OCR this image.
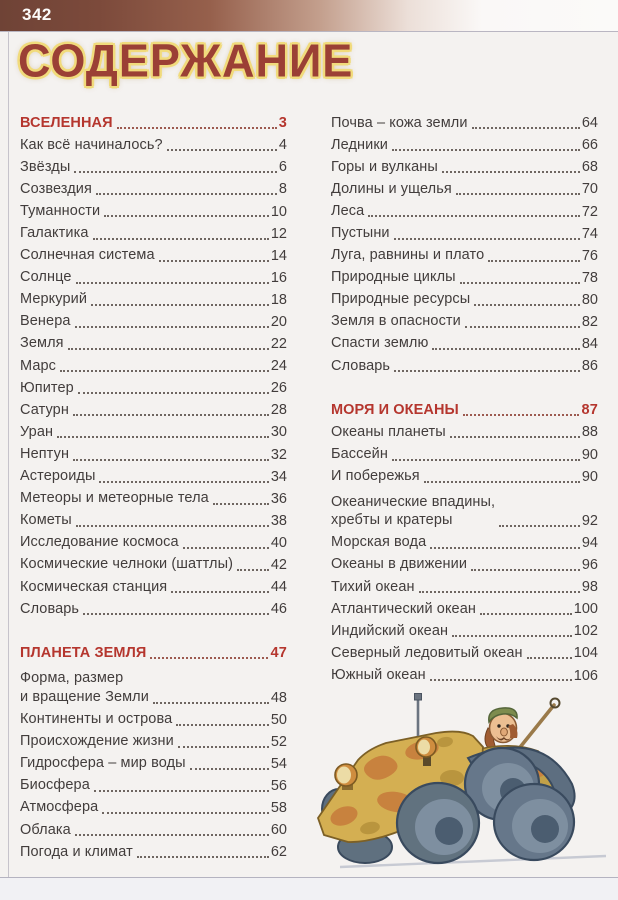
342
СОДЕРЖАНИЕ
ВСЕЛЕННАЯ	3
Как всё начиналось?	4
Звёзды	6
Созвездия	8
Туманности	10
Галактика	12
Солнечная система	14
Солнце	16
Меркурий	18
Венера	20
Земля	22
Марс	24
Юпитер	26
Сатурн	28
Уран	30
Нептун	32
Астероиды	34
Метеоры и метеорные тела	36
Кометы	38
Исследование космоса	40
Космические челноки (шаттлы)	42
Космическая станция	44
Словарь	46
ПЛАНЕТА ЗЕМЛЯ	47
Форма, размер
и вращение Земли	48
Континенты и острова	50
Происхождение жизни	52
Гидросфера – мир воды	54
Биосфера	56
Атмосфера	58
Облака	60
Погода и климат	62
Почва – кожа земли	64
Ледники	66
Горы и вулканы	68
Долины и ущелья	70
Леса	72
Пустыни	74
Луга, равнины и плато	76
Природные циклы	78
Природные ресурсы	80
Земля в опасности	82
Спасти землю	84
Словарь	86
МОРЯ И ОКЕАНЫ	87
Океаны планеты	88
Бассейн	90
И побережья	90
Океанические впадины,
хребты и кратеры	92
Морская вода	94
Океаны в движении	96
Тихий океан	98
Атлантический океан	100
Индийский океан	102
Северный ледовитый океан	104
Южный океан	106
